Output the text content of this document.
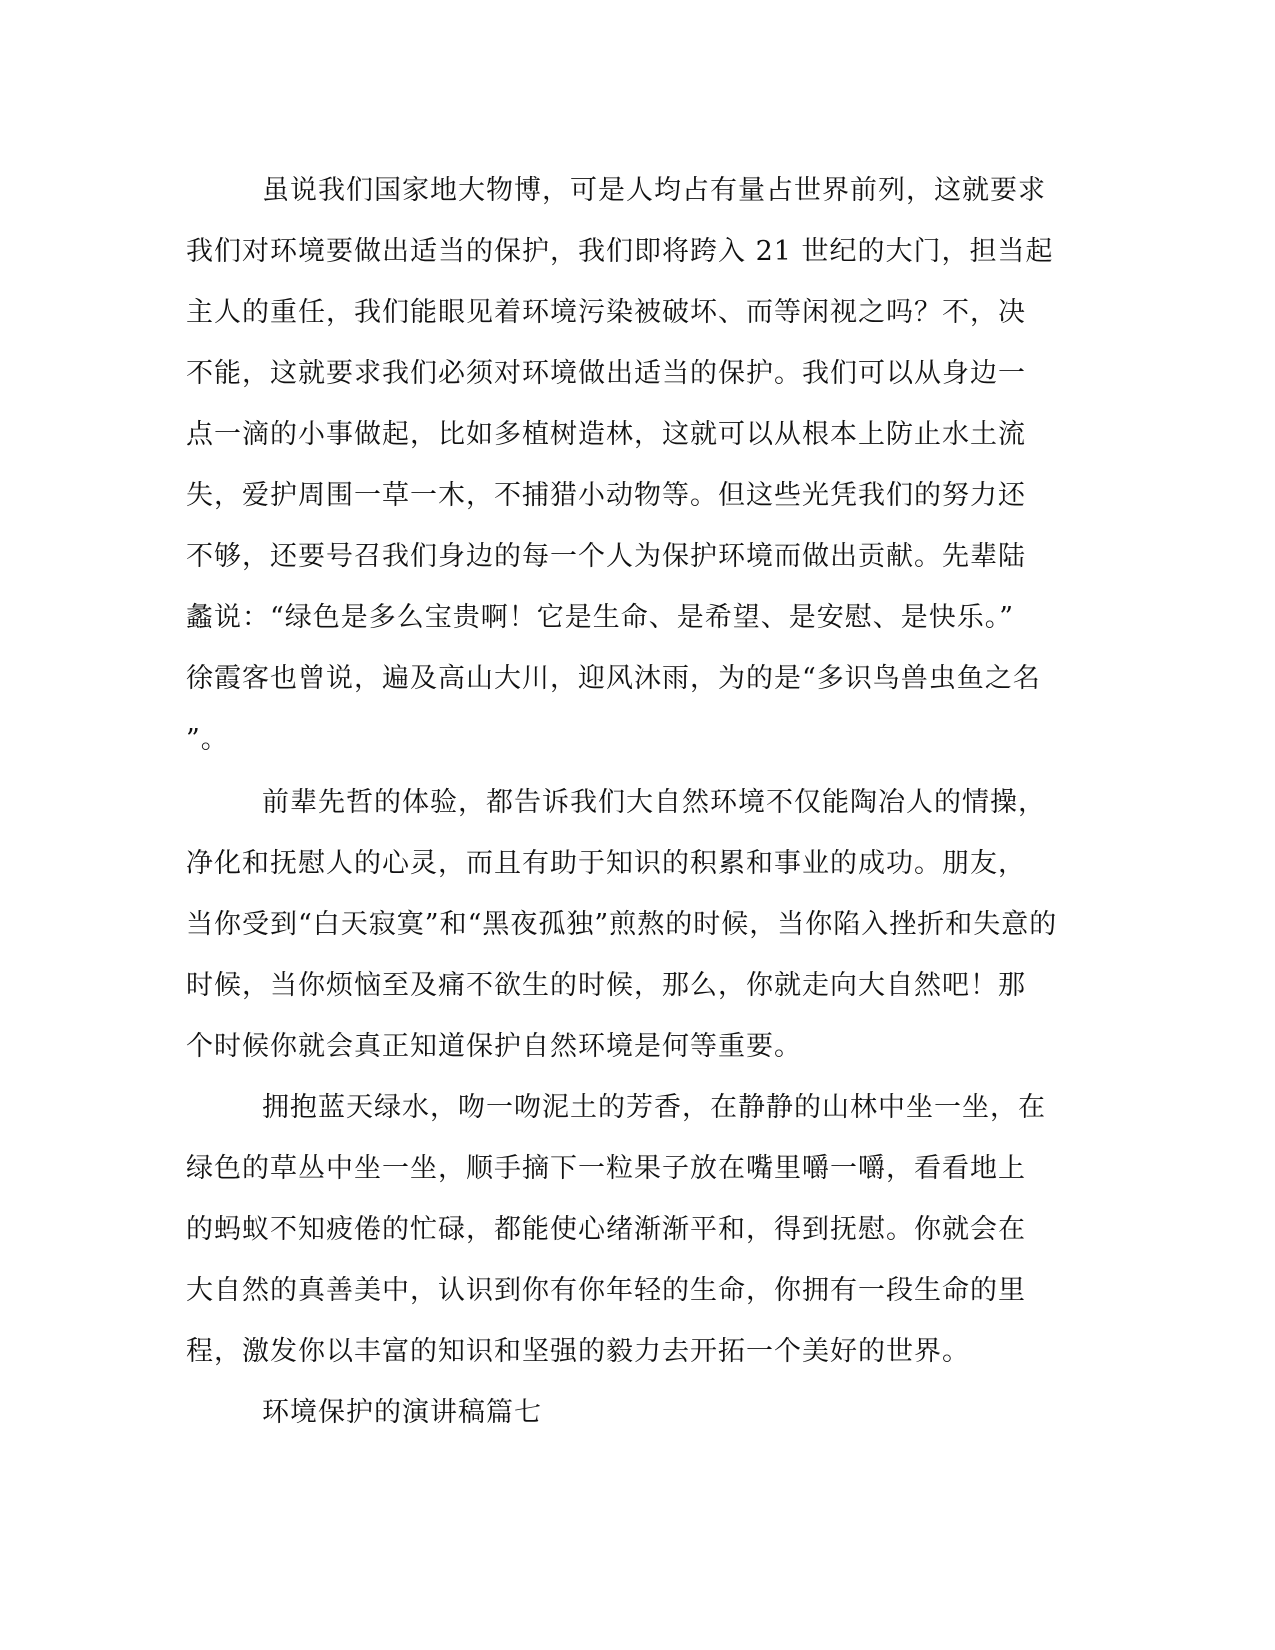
虽说我们国家地大物博，可是人均占有量占世界前列，这就要求
我们对环境要做出适当的保护，我们即将跨入 21 世纪的大门，担当起
主人的重任，我们能眼见着环境污染被破坏、而等闲视之吗？不，决
不能，这就要求我们必须对环境做出适当的保护。我们可以从身边一
点一滴的小事做起，比如多植树造林，这就可以从根本上防止水土流
失，爱护周围一草一木，不捕猎小动物等。但这些光凭我们的努力还
不够，还要号召我们身边的每一个人为保护环境而做出贡献。先辈陆
蠡说：“绿色是多么宝贵啊！它是生命、是希望、是安慰、是快乐。”
徐霞客也曾说，遍及高山大川，迎风沐雨，为的是“多识鸟兽虫鱼之名
”。
前辈先哲的体验，都告诉我们大自然环境不仅能陶冶人的情操，
净化和抚慰人的心灵，而且有助于知识的积累和事业的成功。朋友，
当你受到“白天寂寞”和“黑夜孤独”煎熬的时候，当你陷入挫折和失意的
时候，当你烦恼至及痛不欲生的时候，那么，你就走向大自然吧！那
个时候你就会真正知道保护自然环境是何等重要。
拥抱蓝天绿水，吻一吻泥土的芳香，在静静的山林中坐一坐，在
绿色的草丛中坐一坐，顺手摘下一粒果子放在嘴里嚼一嚼，看看地上
的蚂蚁不知疲倦的忙碌，都能使心绪渐渐平和，得到抚慰。你就会在
大自然的真善美中，认识到你有你年轻的生命，你拥有一段生命的里
程，激发你以丰富的知识和坚强的毅力去开拓一个美好的世界。
环境保护的演讲稿篇七
